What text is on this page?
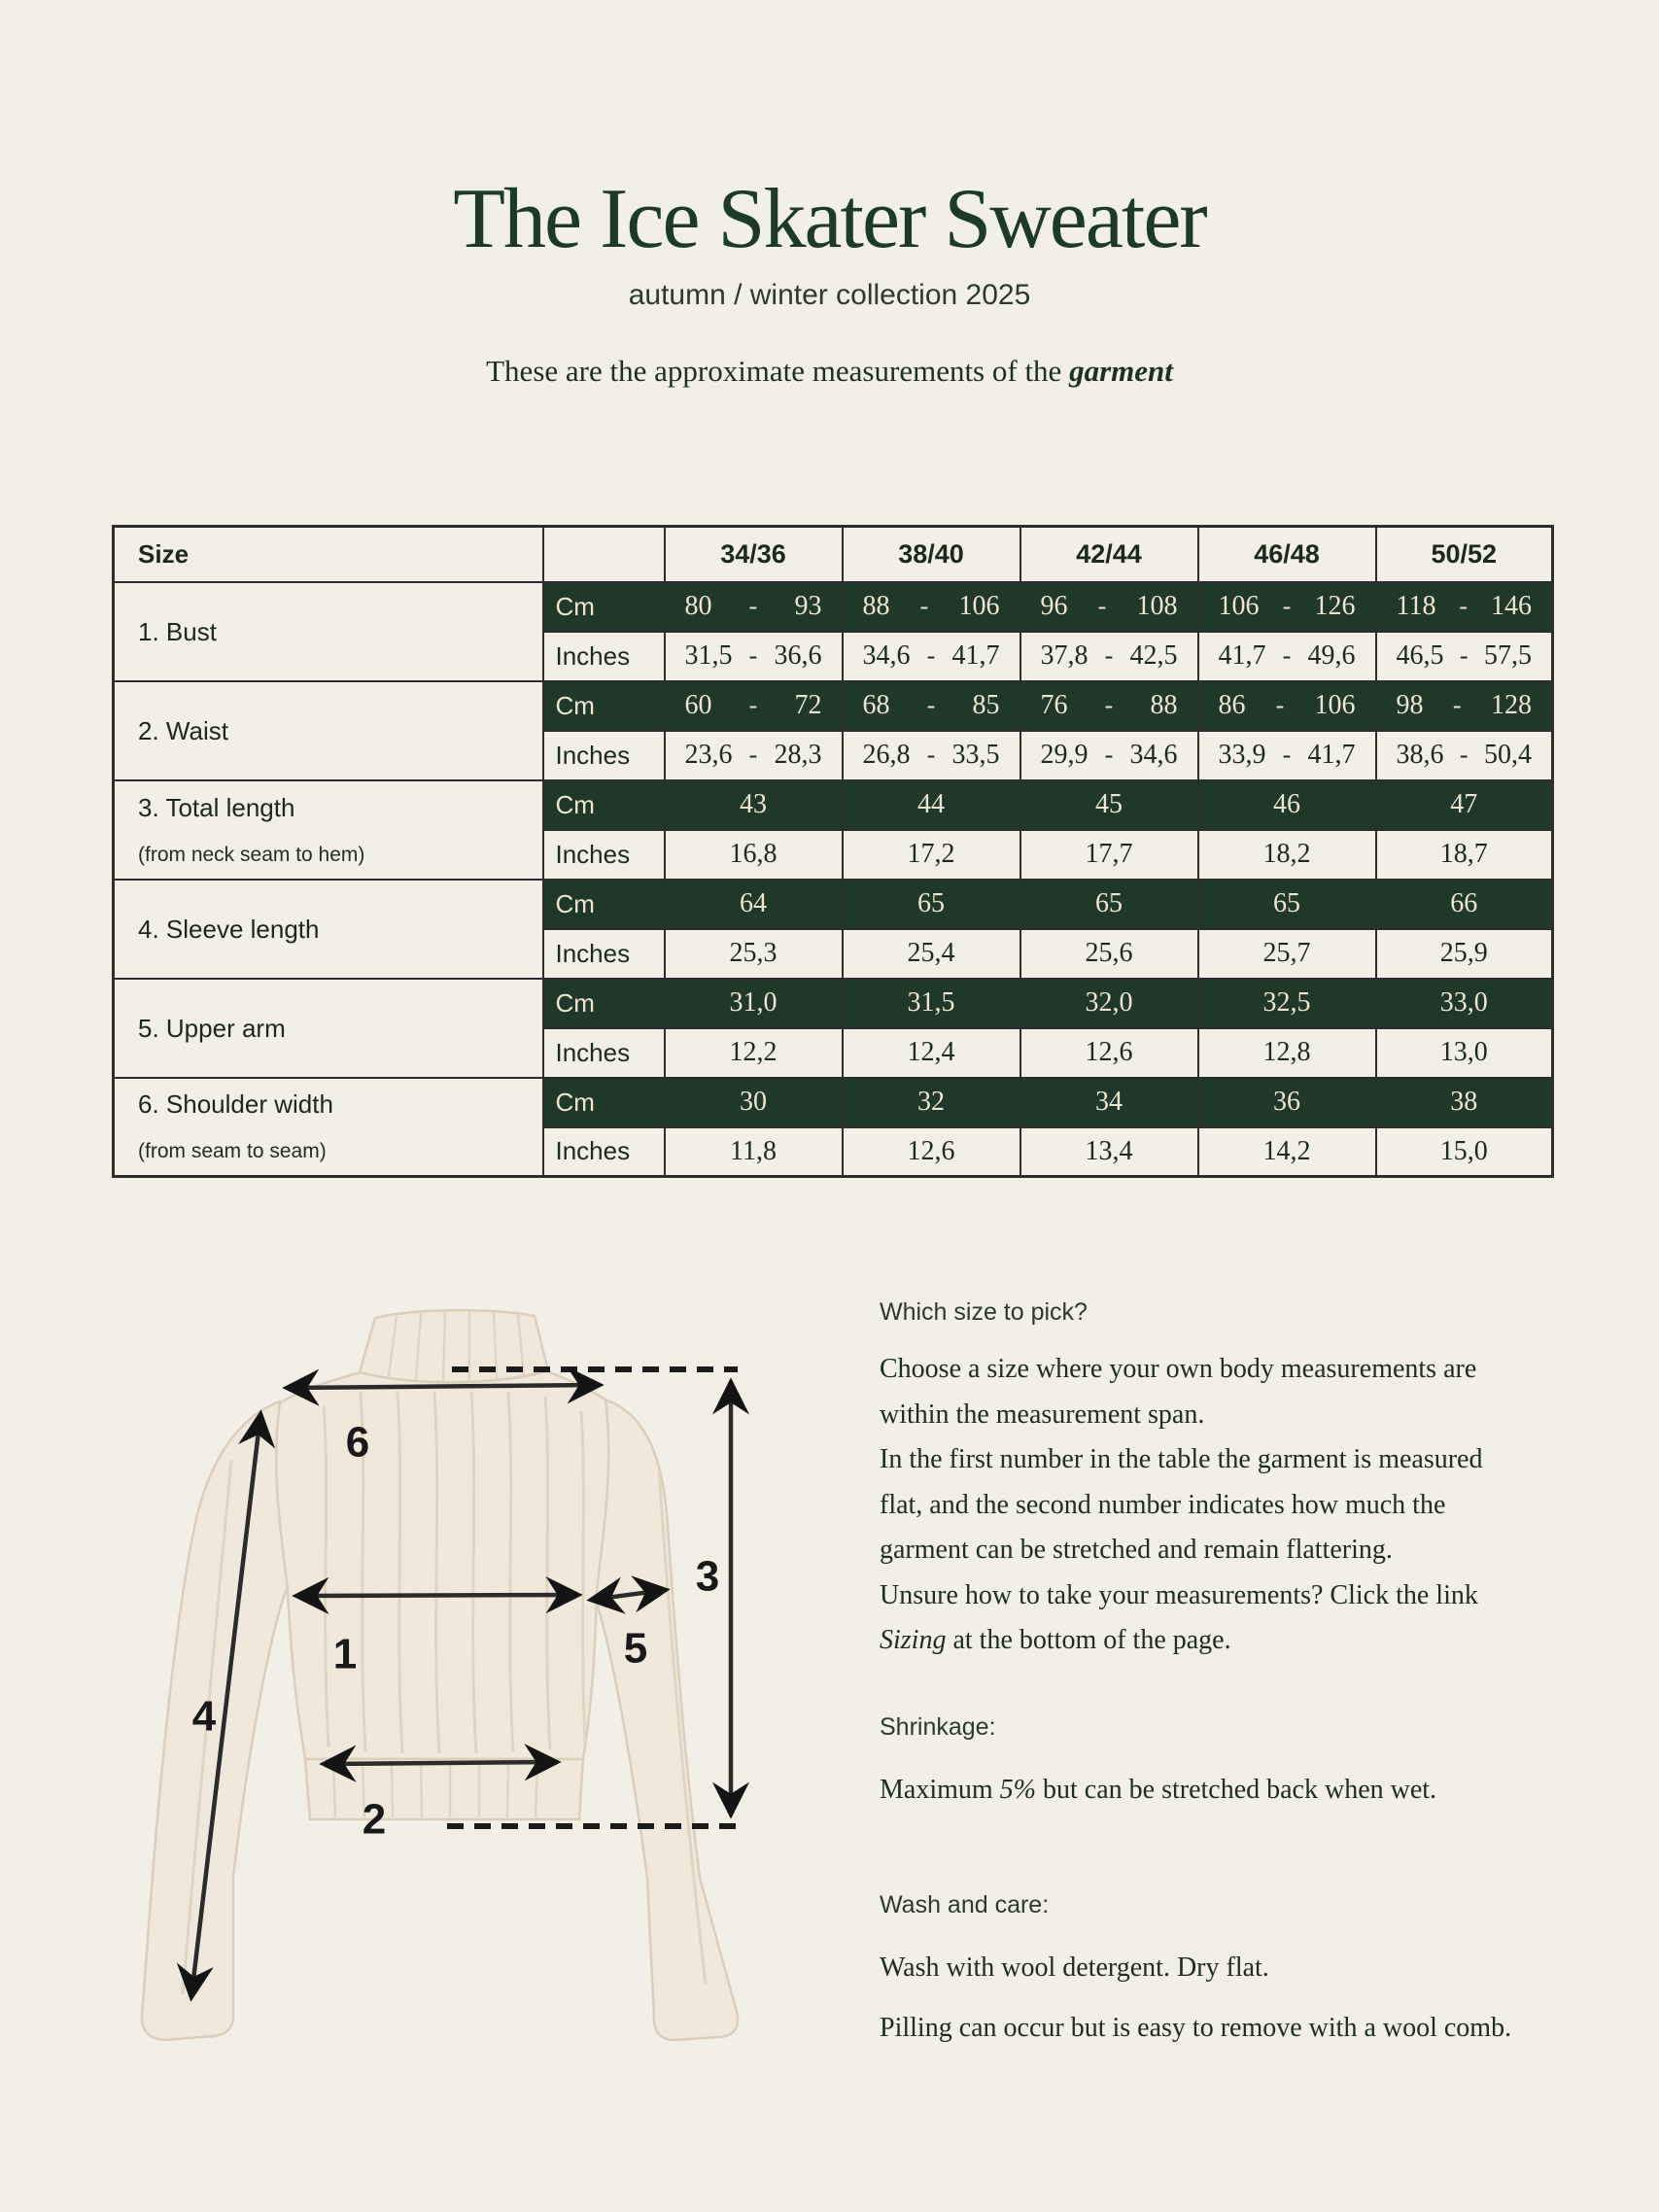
The Ice Skater Sweater
autumn / winter collection 2025
These are the approximate measurements of the garment
Size		34/36	38/40	42/44	46/48	50/52

1. Bust	Cm	80 - 93	88 - 106	96 - 108	106 - 126	118 - 146

	Inches	31,5 - 36,6	34,6 - 41,7	37,8 - 42,5	41,7 - 49,6	46,5 - 57,5

2. Waist	Cm	60 - 72	68 - 85	76 - 88	86 - 106	98 - 128

	Inches	23,6 - 28,3	26,8 - 33,5	29,9 - 34,6	33,9 - 41,7	38,6 - 50,4

3. Total length
(from neck seam to hem)	Cm	43	44	45	46	47
	Inches	16,8	17,2	17,7	18,2	18,7

4. Sleeve length	Cm	64	65	65	65	66
	Inches	25,3	25,4	25,6	25,7	25,9

5. Upper arm	Cm	31,0	31,5	32,0	32,5	33,0
	Inches	12,2	12,4	12,6	12,8	13,0

6. Shoulder width
(from seam to seam)	Cm	30	32	34	36	38
	Inches	11,8	12,6	13,4	14,2	15,0
6
1	5
2
3
4
Which size to pick?
Choose a size where your own body measurements are
within the measurement span.
In the first number in the table the garment is measured
flat, and the second number indicates how much the
garment can be stretched and remain flattering.
Unsure how to take your measurements? Click the link
Sizing at the bottom of the page.
Shrinkage:
Maximum 5% but can be stretched back when wet.
Wash and care:
Wash with wool detergent. Dry flat.
Pilling can occur but is easy to remove with a wool comb.
